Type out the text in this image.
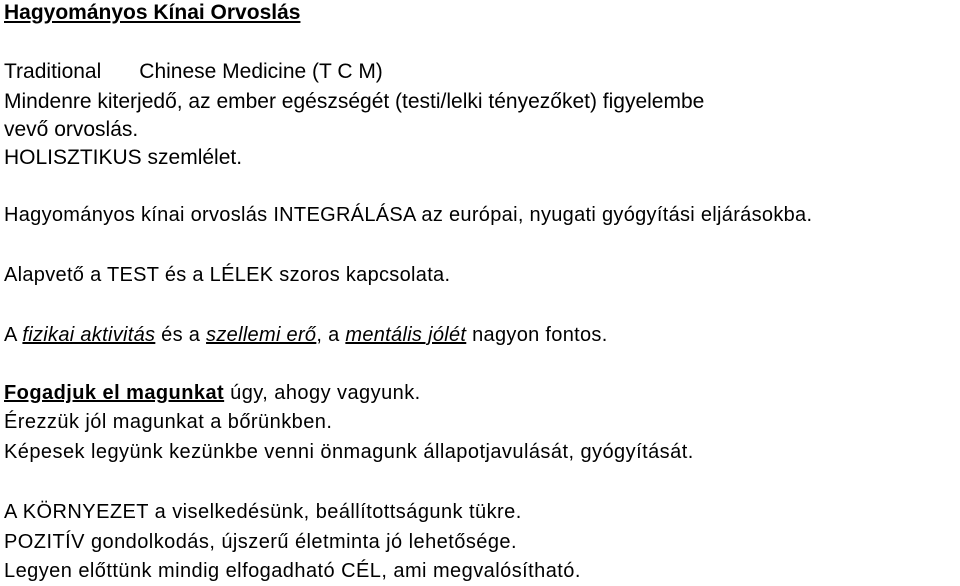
Hagyományos Kínai Orvoslás
Traditional Chinese Medicine (T C M)
Mindenre kiterjedő, az ember egészségét (testi/lelki tényezőket) figyelembe
vevő orvoslás.
HOLISZTIKUS szemlélet.
Hagyományos kínai orvoslás INTEGRÁLÁSA az európai, nyugati gyógyítási eljárásokba.
Alapvető a TEST és a LÉLEK szoros kapcsolata.
A fizikai aktivitás és a szellemi erő, a mentális jólét nagyon fontos.
Fogadjuk el magunkat úgy, ahogy vagyunk.
Érezzük jól magunkat a bőrünkben.
Képesek legyünk kezünkbe venni önmagunk állapotjavulását, gyógyítását.
A KÖRNYEZET a viselkedésünk, beállítottságunk tükre.
POZITÍV gondolkodás, újszerű életminta jó lehetősége.
Legyen előttünk mindig elfogadható CÉL, ami megvalósítható.
